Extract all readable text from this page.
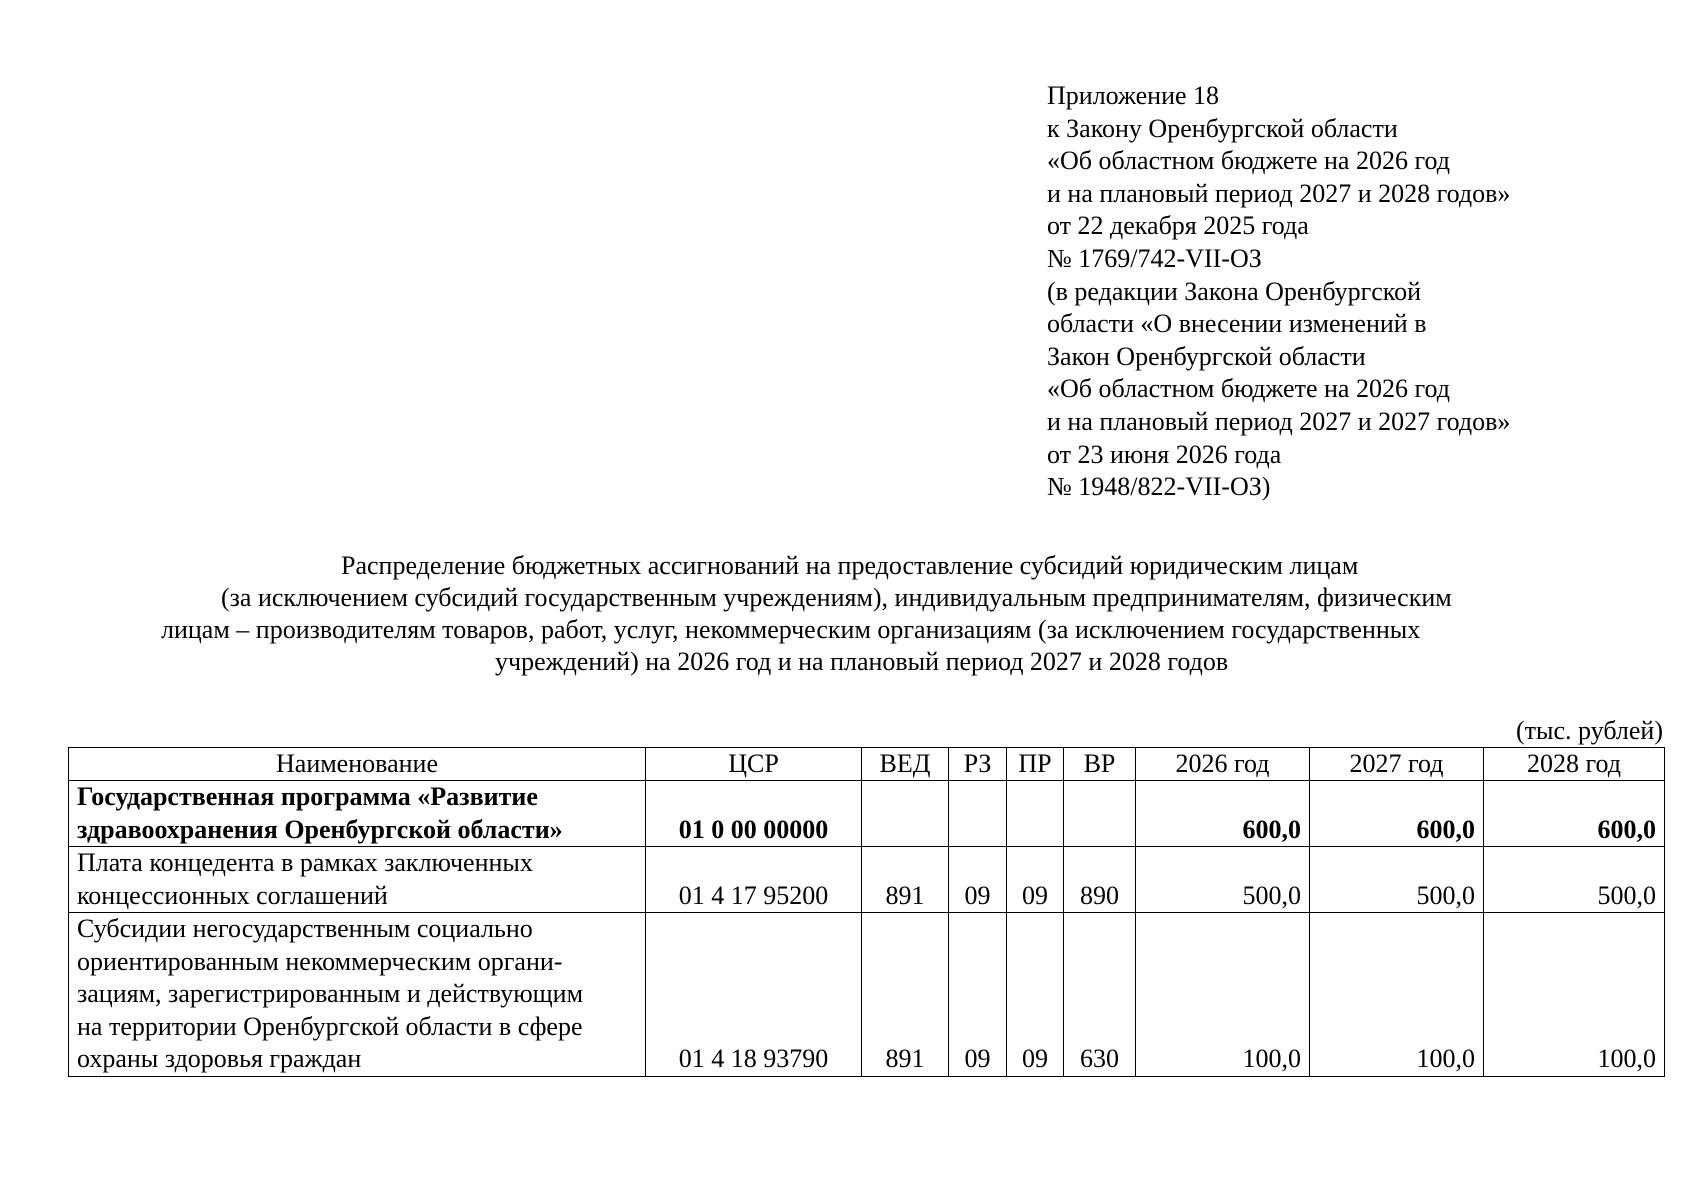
Приложение 18
к Закону Оренбургской области
«Об областном бюджете на 2026 год
и на плановый период 2027 и 2028 годов»
от 22 декабря 2025 года
№ 1769/742-VII-ОЗ
(в редакции Закона Оренбургской
области «О внесении изменений в
Закон Оренбургской области
«Об областном бюджете на 2026 год
и на плановый период 2027 и 2027 годов»
от 23 июня 2026 года
№ 1948/822-VII-ОЗ)
Распределение бюджетных ассигнований на предоставление субсидий юридическим лицам
(за исключением субсидий государственным учреждениям), индивидуальным предпринимателям, физическим
лицам – производителям товаров, работ, услуг, некоммерческим организациям (за исключением государственных
учреждений) на 2026 год и на плановый период 2027 и 2028 годов
(тыс. рублей)
Наименование	ЦСР	ВЕД	РЗ	ПР	ВР	2026 год	2027 год	2028 год

Государственная программа «Развитие
здравоохранения Оренбургской области»	01 0 00 00000					600,0	600,0	600,0

Плата концедента в рамках заключенных
концессионных соглашений	01 4 17 95200	891	09	09	890	500,0	500,0	500,0

Субсидии негосударственным социально
ориентированным некоммерческим органи-
зациям, зарегистрированным и действующим
на территории Оренбургской области в сфере
охраны здоровья граждан	01 4 18 93790	891	09	09	630	100,0	100,0	100,0
